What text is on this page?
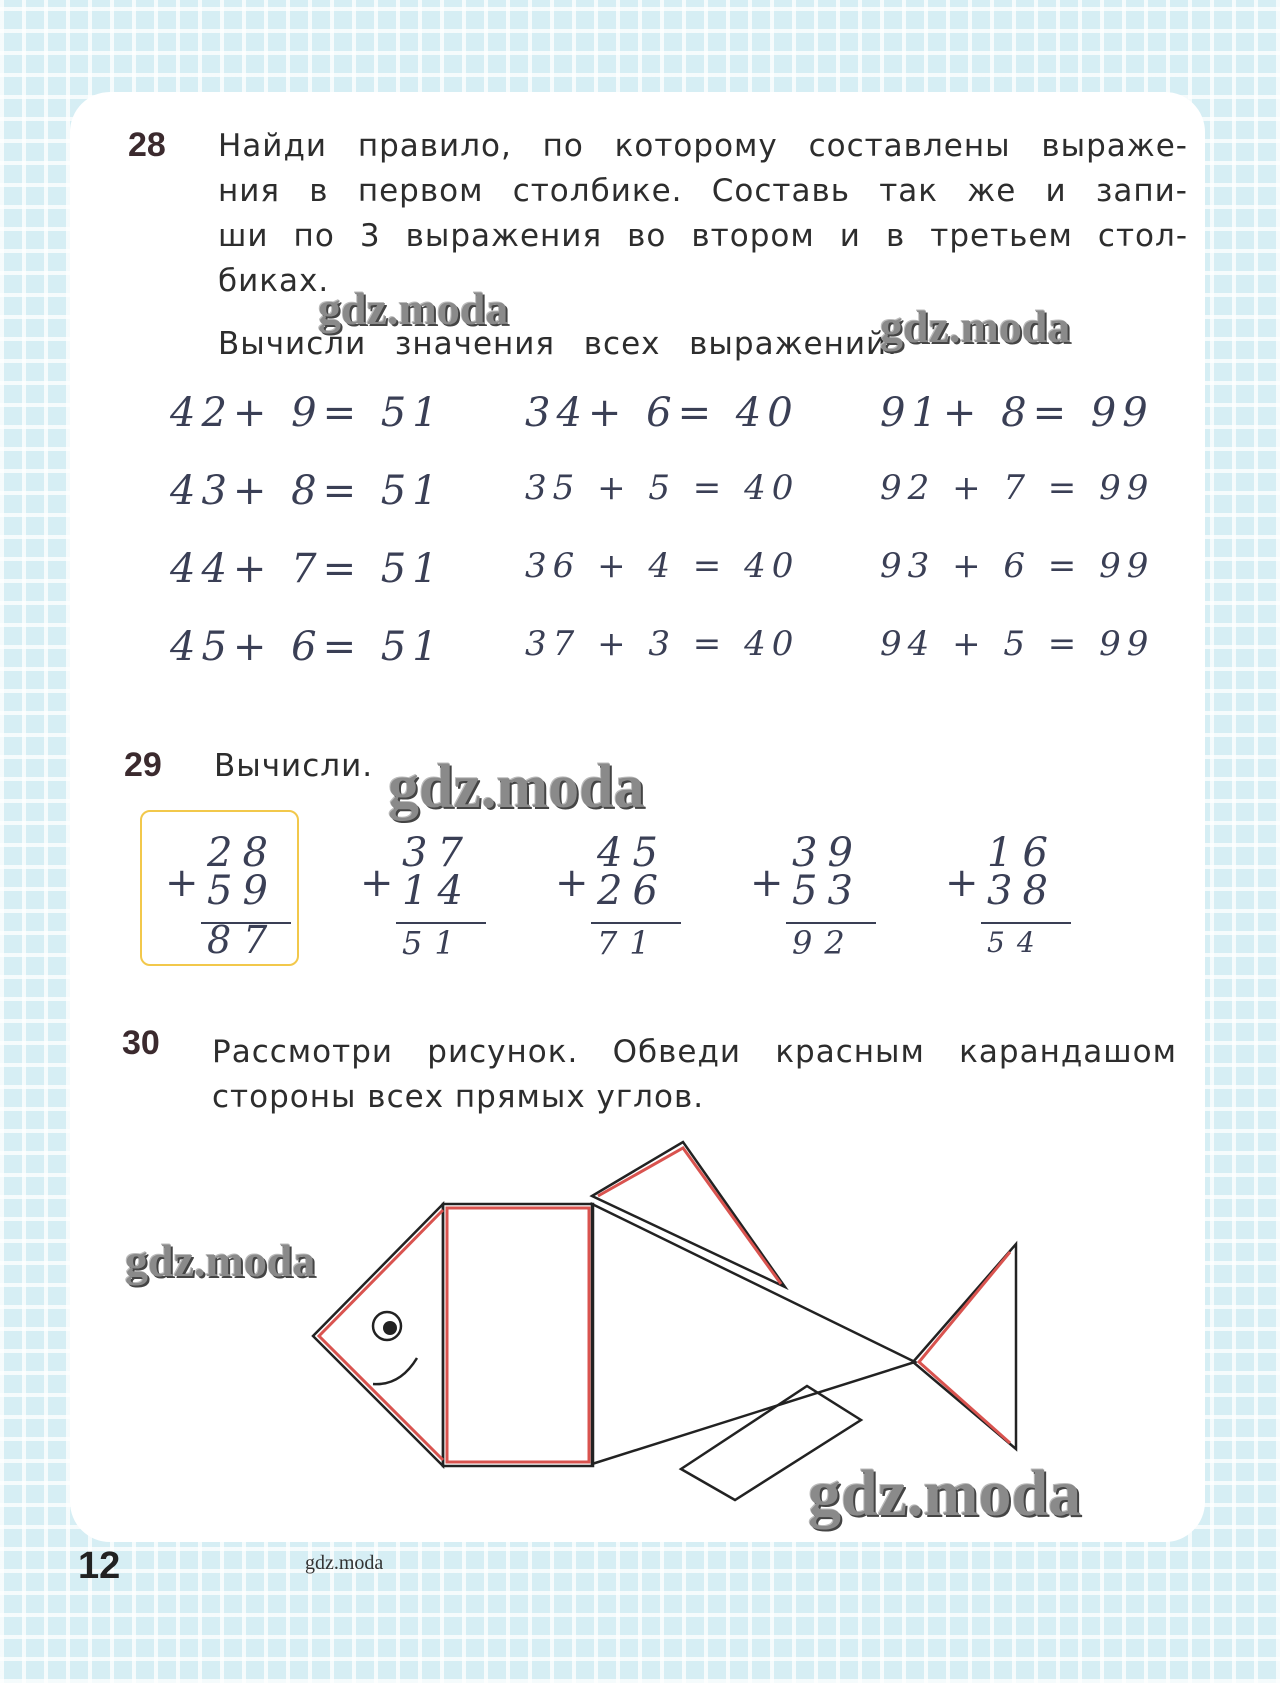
28 Найди правило, по которому составлены выраже-
ния в первом столбике. Составь так же и запи-
ши по 3 выражения во втором и в третьем стол-
биках.
Вычисли значения всех выражений.
42+ 9= 51
43+ 8= 51
44+ 7= 51
45+ 6= 51
34+ 6= 40
35 + 5 = 40
36 + 4 = 40
37 + 3 = 40
91+ 8= 99
92 + 7 = 99
93 + 6 = 99
94 + 5 = 99
29 Вычисли.
+
28
59
87
+
37
14
51
+
45
26
71
+
39
53
92
+
16
38
54
30 Рассмотри рисунок. Обведи красным карандашом
стороны всех прямых углов.
gdz.moda	gdz.moda
gdz.moda
gdz.moda
gdz.moda
12	gdz.moda
